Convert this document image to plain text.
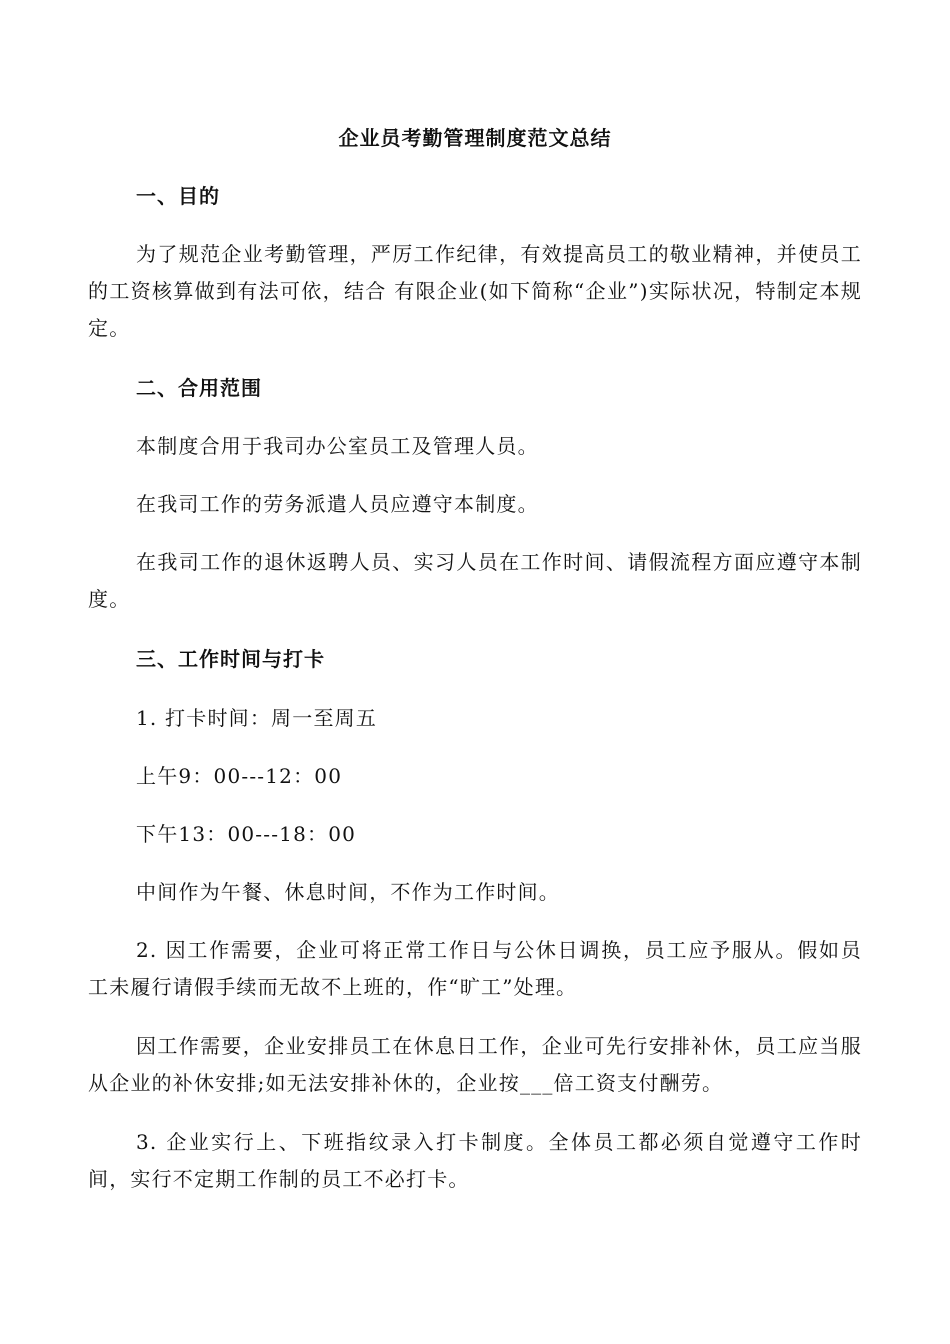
企业员考勤管理制度范文总结
一、目的
为了规范企业考勤管理，严厉工作纪律，有效提高员工的敬业精神，并使员工的工资核算做到有法可依，结合 有限企业(如下简称“企业”)实际状况，特制定本规定。
二、合用范围
本制度合用于我司办公室员工及管理人员。
在我司工作的劳务派遣人员应遵守本制度。
在我司工作的退休返聘人员、实习人员在工作时间、请假流程方面应遵守本制度。
三、工作时间与打卡
1. 打卡时间：周一至周五
上午9：00---12：00
下午13：00---18：00
中间作为午餐、休息时间，不作为工作时间。
2. 因工作需要，企业可将正常工作日与公休日调换，员工应予服从。假如员工未履行请假手续而无故不上班的，作“旷工”处理。
因工作需要，企业安排员工在休息日工作，企业可先行安排补休，员工应当服从企业的补休安排;如无法安排补休的，企业按___倍工资支付酬劳。
3. 企业实行上、下班指纹录入打卡制度。全体员工都必须自觉遵守工作时间，实行不定期工作制的员工不必打卡。
